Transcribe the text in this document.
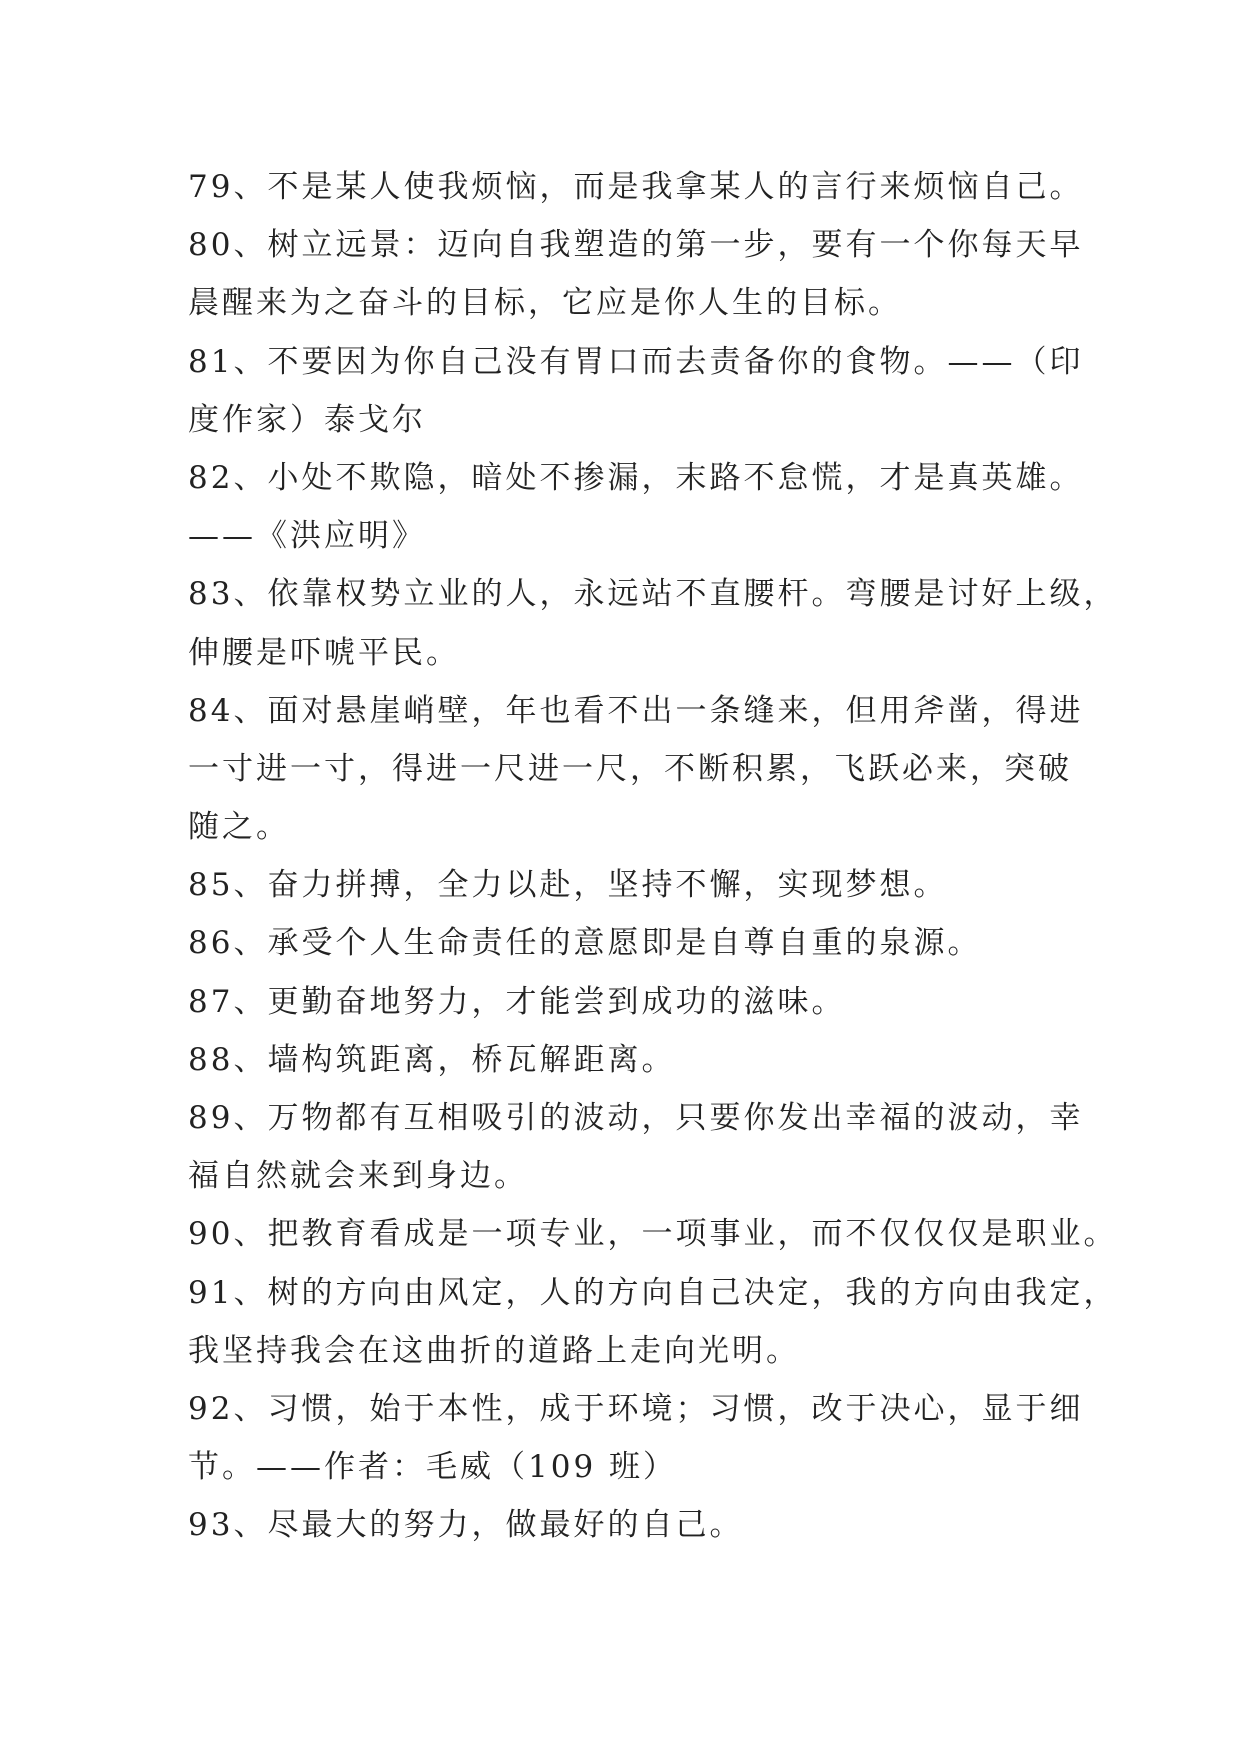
79、不是某人使我烦恼，而是我拿某人的言行来烦恼自己。
80、树立远景：迈向自我塑造的第一步，要有一个你每天早
晨醒来为之奋斗的目标，它应是你人生的目标。
81、不要因为你自己没有胃口而去责备你的食物。——（印
度作家）泰戈尔
82、小处不欺隐，暗处不掺漏，末路不怠慌，才是真英雄。
——《洪应明》
83、依靠权势立业的人，永远站不直腰杆。弯腰是讨好上级，
伸腰是吓唬平民。
84、面对悬崖峭壁，年也看不出一条缝来，但用斧凿，得进
一寸进一寸，得进一尺进一尺，不断积累，飞跃必来，突破
随之。
85、奋力拼搏，全力以赴，坚持不懈，实现梦想。
86、承受个人生命责任的意愿即是自尊自重的泉源。
87、更勤奋地努力，才能尝到成功的滋味。
88、墙构筑距离，桥瓦解距离。
89、万物都有互相吸引的波动，只要你发出幸福的波动，幸
福自然就会来到身边。
90、把教育看成是一项专业，一项事业，而不仅仅仅是职业。
91、树的方向由风定，人的方向自己决定，我的方向由我定，
我坚持我会在这曲折的道路上走向光明。
92、习惯，始于本性，成于环境；习惯，改于决心，显于细
节。——作者：毛威（109 班）
93、尽最大的努力，做最好的自己。
